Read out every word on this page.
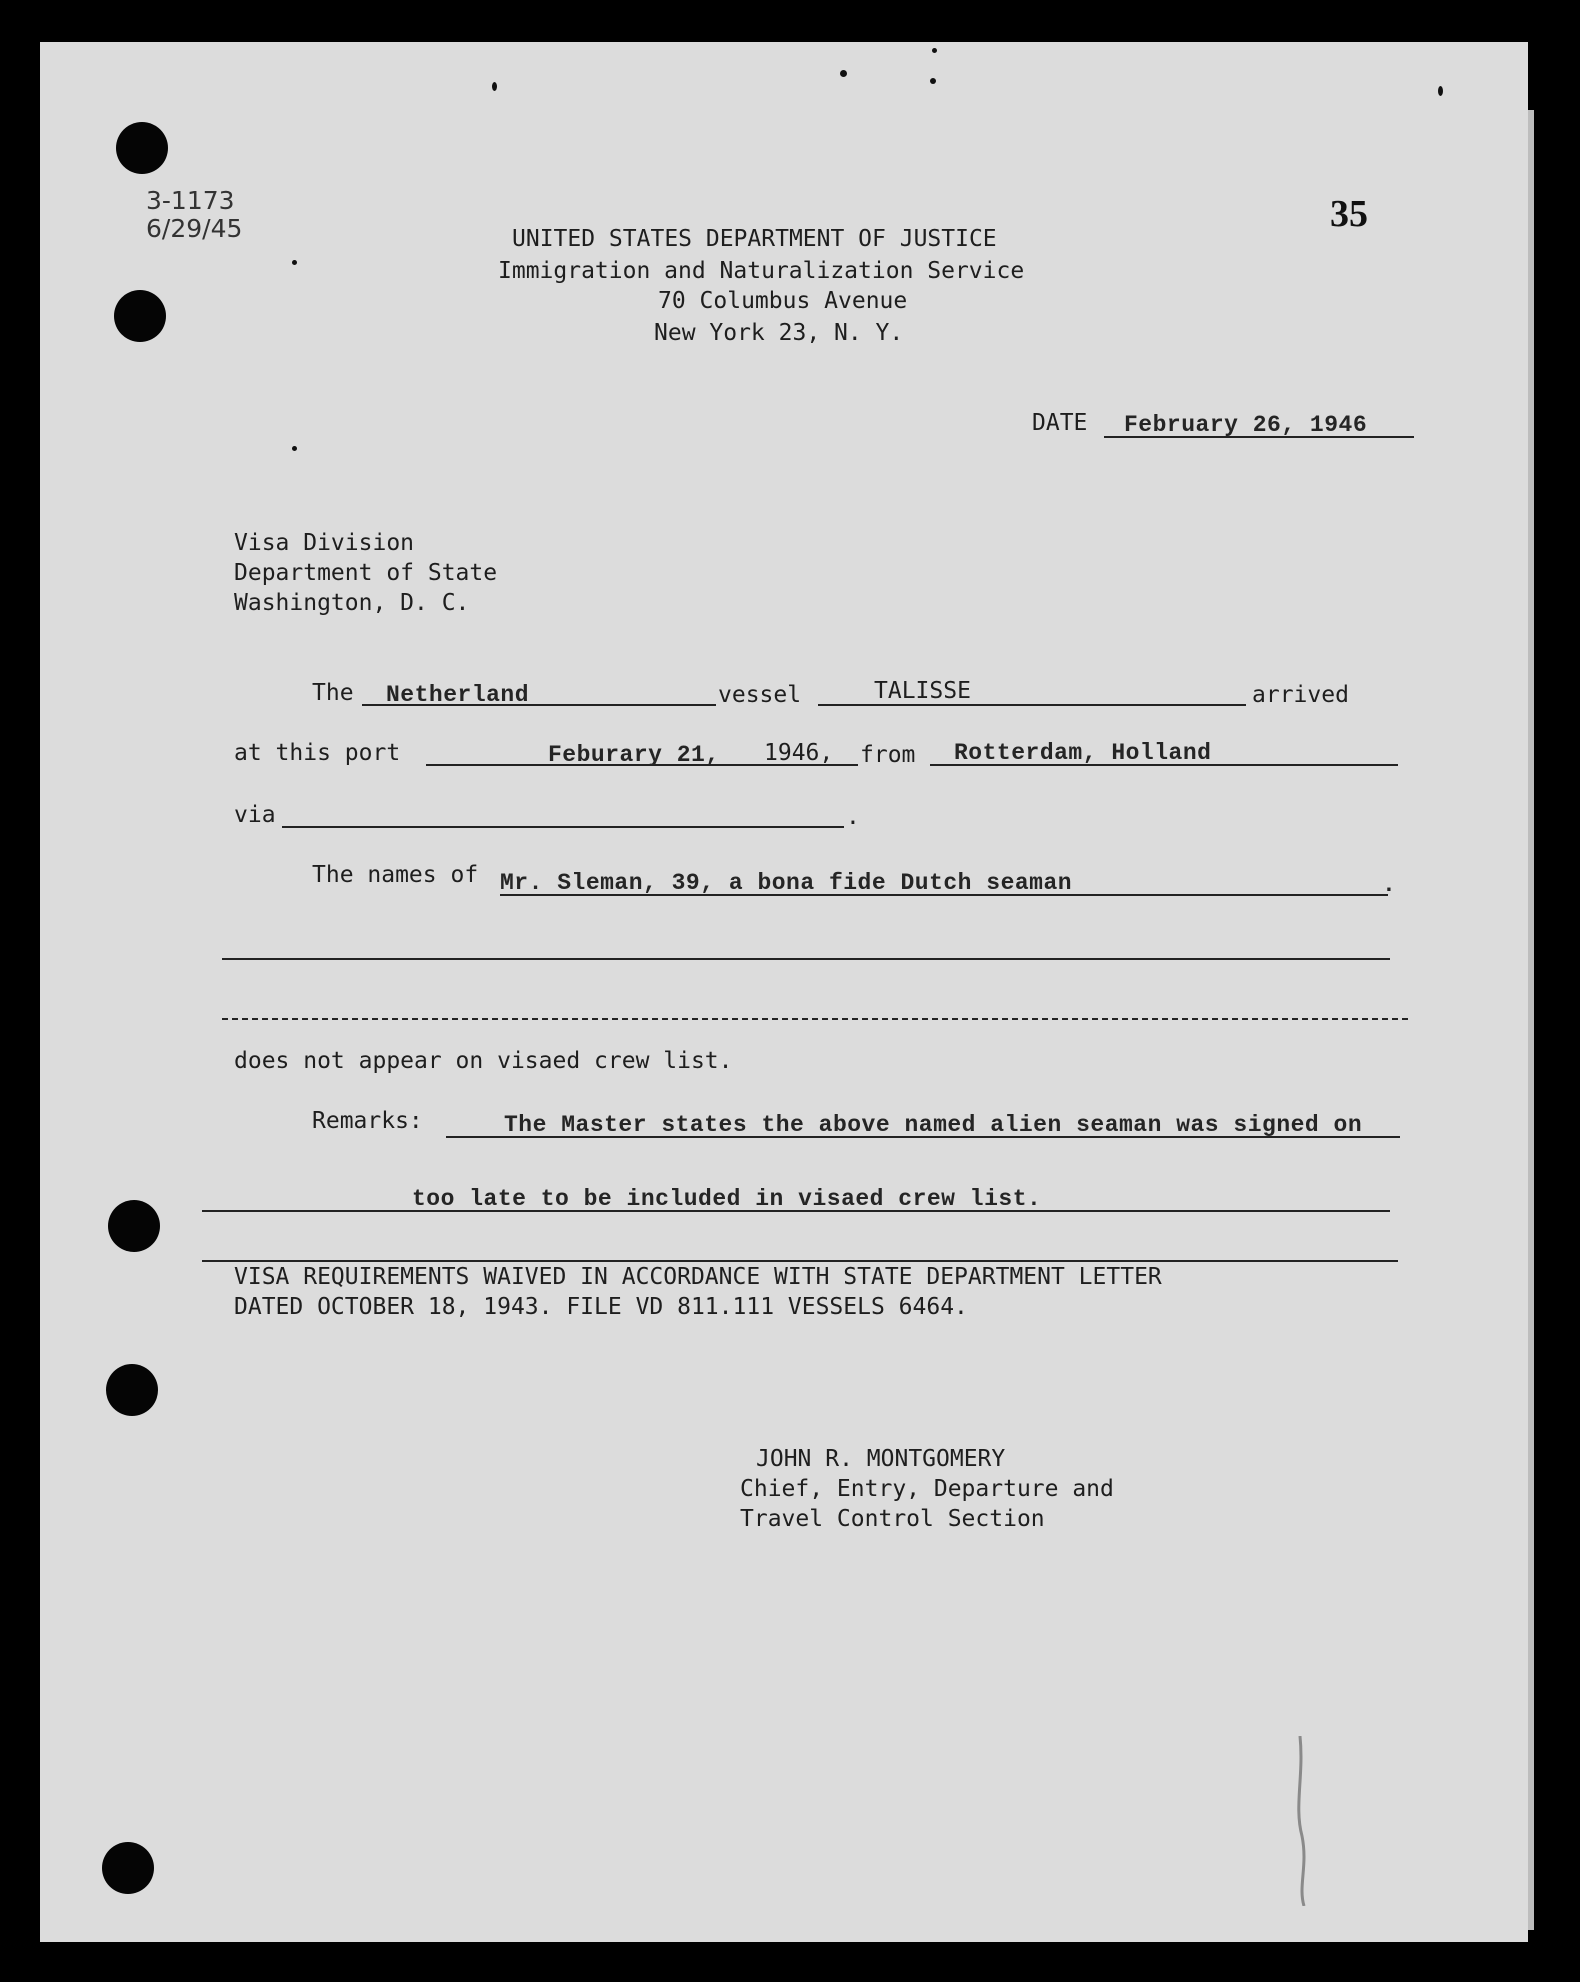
3-1173
6/29/45	35
UNITED STATES DEPARTMENT OF JUSTICE
Immigration and Naturalization Service
70 Columbus Avenue
New York 23, N. Y.
DATE February 26, 1946
Visa Division
Department of State
Washington, D. C.
The Netherland	vessel	TALISSE	arrived
at this port	Feburary 21, 1946, from Rotterdam, Holland
via	.
The names of Mr. Sleman, 39, a bona fide Dutch seaman	.
does not appear on visaed crew list.
Remarks:	The Master states the above named alien seaman was signed on
too late to be included in visaed crew list.
VISA REQUIREMENTS WAIVED IN ACCORDANCE WITH STATE DEPARTMENT LETTER
DATED OCTOBER 18, 1943. FILE VD 811.111 VESSELS 6464.
JOHN R. MONTGOMERY
Chief, Entry, Departure and
Travel Control Section
